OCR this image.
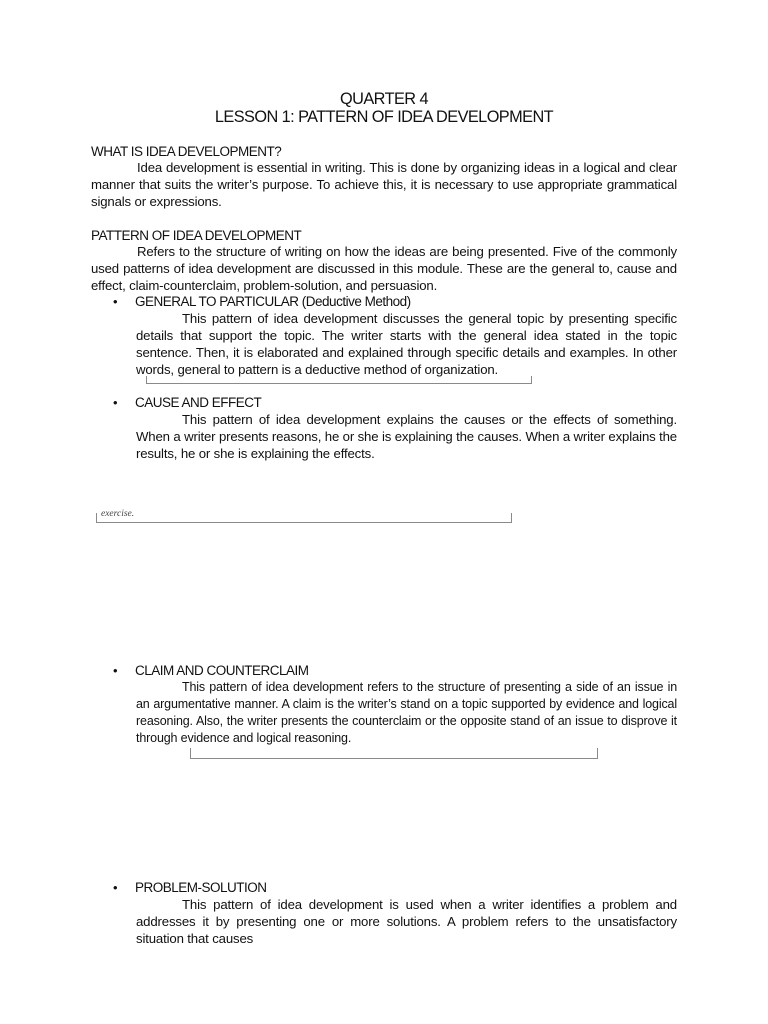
QUARTER 4
LESSON 1: PATTERN OF IDEA DEVELOPMENT
WHAT IS IDEA DEVELOPMENT?
Idea development is essential in writing. This is done by organizing ideas in a logical and clear manner that suits the writer’s purpose. To achieve this, it is necessary to use appropriate grammatical signals or expressions.
PATTERN OF IDEA DEVELOPMENT
Refers to the structure of writing on how the ideas are being presented. Five of the commonly used patterns of idea development are discussed in this module. These are the general to, cause and effect, claim-counterclaim, problem-solution, and persuasion.
•	GENERAL TO PARTICULAR (Deductive Method)
This pattern of idea development discusses the general topic by presenting specific details that support the topic. The writer starts with the general idea stated in the topic sentence. Then, it is elaborated and explained through specific details and examples. In other words, general to pattern is a deductive method of organization.
•	CAUSE AND EFFECT
This pattern of idea development explains the causes or the effects of something. When a writer presents reasons, he or she is explaining the causes. When a writer explains the results, he or she is explaining the effects.
exercise.
•	CLAIM AND COUNTERCLAIM
This pattern of idea development refers to the structure of presenting a side of an issue in an argumentative manner. A claim is the writer’s stand on a topic supported by evidence and logical reasoning. Also, the writer presents the counterclaim or the opposite stand of an issue to disprove it through evidence and logical reasoning.
•	PROBLEM-SOLUTION
This pattern of idea development is used when a writer identifies a problem and addresses it by presenting one or more solutions. A problem refers to the unsatisfactory situation that causes
